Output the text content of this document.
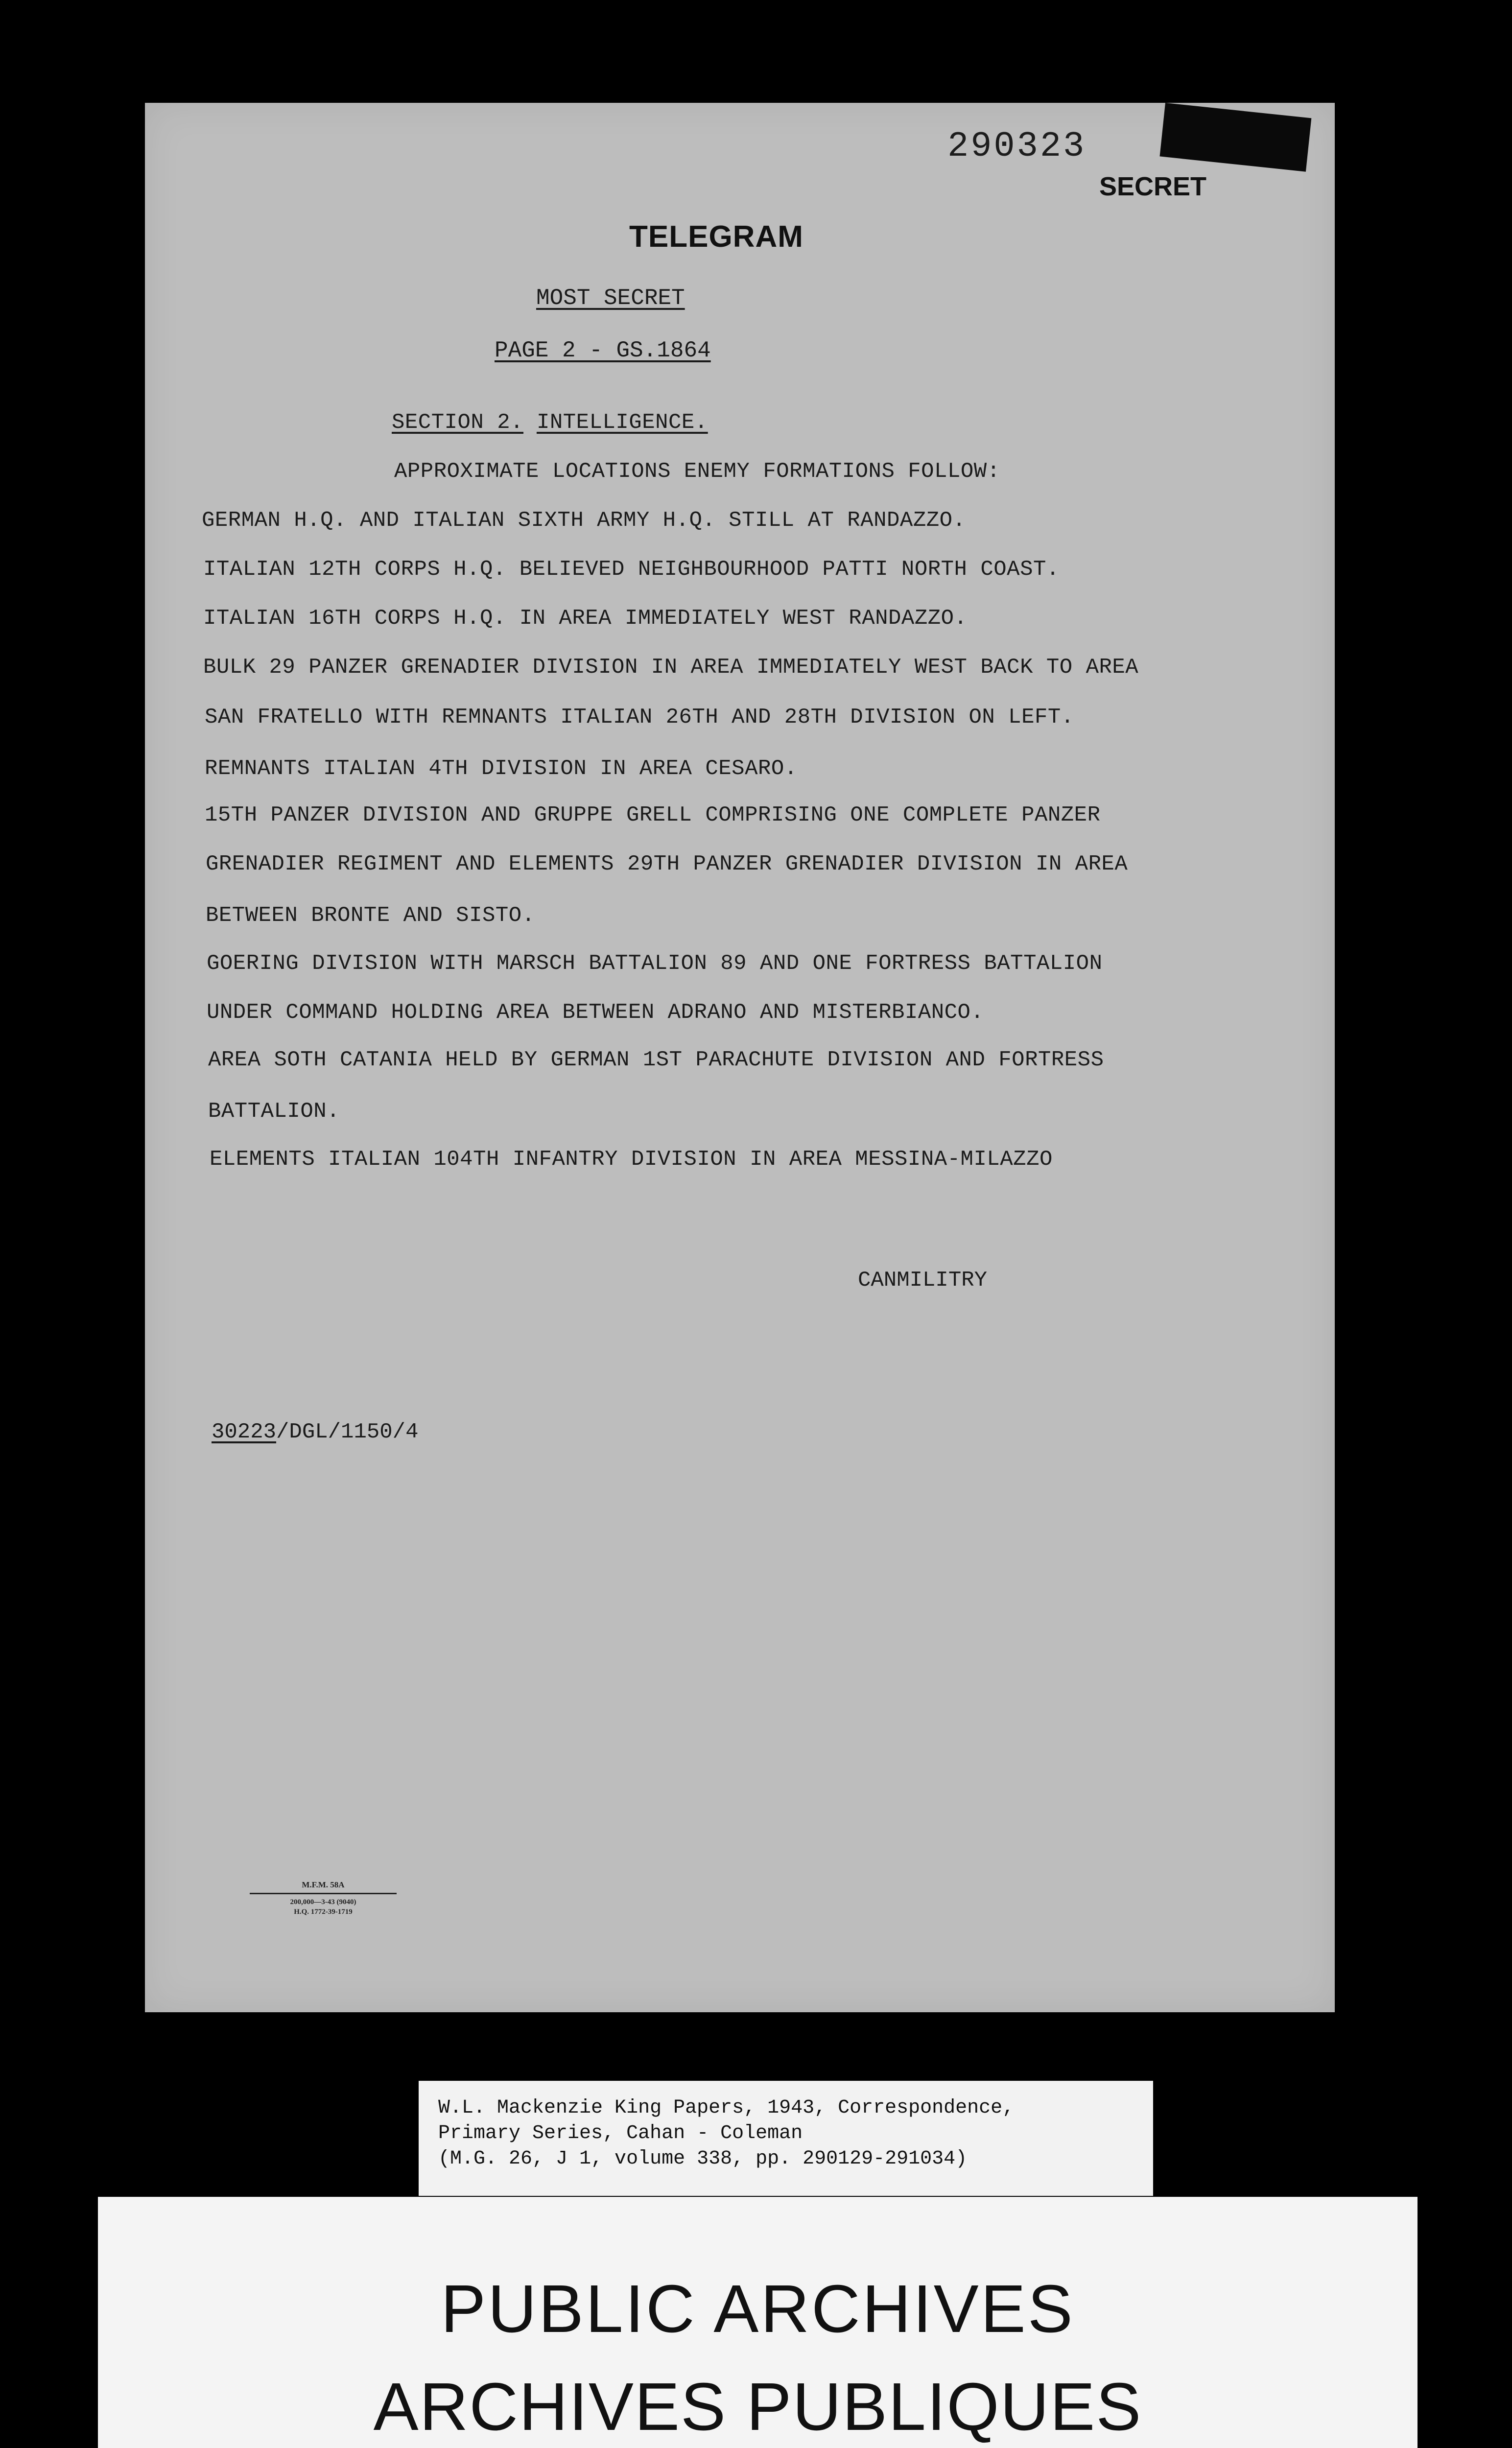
290323
SECRET
TELEGRAM
MOST SECRET
PAGE 2 - GS.1864
SECTION 2. INTELLIGENCE.
APPROXIMATE LOCATIONS ENEMY FORMATIONS FOLLOW:
GERMAN H.Q. AND ITALIAN SIXTH ARMY H.Q. STILL AT RANDAZZO.
ITALIAN 12TH CORPS H.Q. BELIEVED NEIGHBOURHOOD PATTI NORTH COAST.
ITALIAN 16TH CORPS H.Q. IN AREA IMMEDIATELY WEST RANDAZZO.
BULK 29 PANZER GRENADIER DIVISION IN AREA IMMEDIATELY WEST BACK TO AREA
SAN FRATELLO WITH REMNANTS ITALIAN 26TH AND 28TH DIVISION ON LEFT.
REMNANTS ITALIAN 4TH DIVISION IN AREA CESARO.
15TH PANZER DIVISION AND GRUPPE GRELL COMPRISING ONE COMPLETE PANZER
GRENADIER REGIMENT AND ELEMENTS 29TH PANZER GRENADIER DIVISION IN AREA
BETWEEN BRONTE AND SISTO.
GOERING DIVISION WITH MARSCH BATTALION 89 AND ONE FORTRESS BATTALION
UNDER COMMAND HOLDING AREA BETWEEN ADRANO AND MISTERBIANCO.
AREA SOTH CATANIA HELD BY GERMAN 1ST PARACHUTE DIVISION AND FORTRESS
BATTALION.
ELEMENTS ITALIAN 104TH INFANTRY DIVISION IN AREA MESSINA-MILAZZO
CANMILITRY
30223/DGL/1150/4
M.F.M. 58A
200,000—3-43 (9040)
H.Q. 1772-39-1719
W.L. Mackenzie King Papers, 1943, Correspondence,
Primary Series, Cahan - Coleman
(M.G. 26, J 1, volume 338, pp. 290129-291034)
PUBLIC ARCHIVES
ARCHIVES PUBLIQUES
